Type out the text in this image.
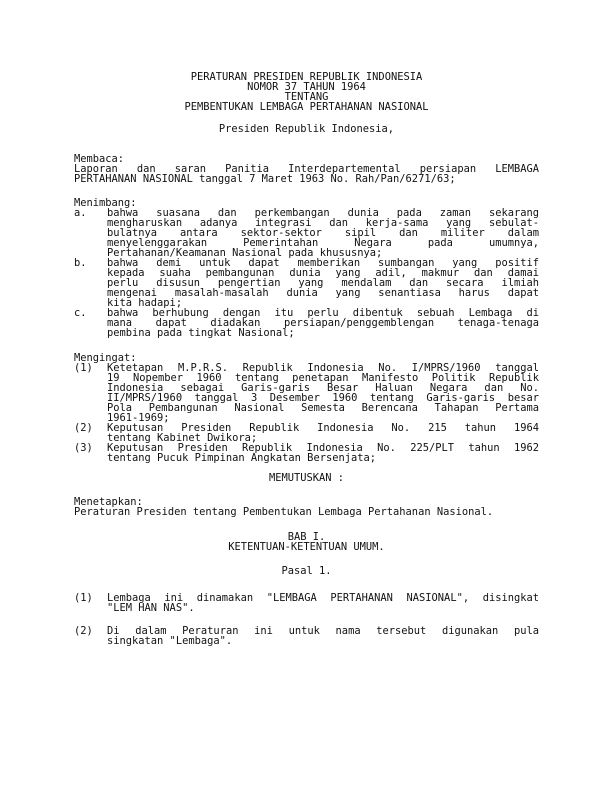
PERATURAN PRESIDEN REPUBLIK INDONESIA
NOMOR 37 TAHUN 1964
TENTANG
PEMBENTUKAN LEMBAGA PERTAHANAN NASIONAL
Presiden Republik Indonesia,
Membaca:
Laporan dan saran Panitia Interdepartemental persiapan LEMBAGA
PERTAHANAN NASIONAL tanggal 7 Maret 1963 No. Rah/Pan/6271/63;
Menimbang:
a. bahwa suasana dan perkembangan dunia pada zaman sekarang
mengharuskan adanya integrasi dan kerja-sama yang sebulat-
bulatnya antara sektor-sektor sipil dan militer dalam
menyelenggarakan Pemerintahan Negara pada umumnya,
Pertahanan/Keamanan Nasional pada khususnya;
b. bahwa demi untuk dapat memberikan sumbangan yang positif
kepada suaha pembangunan dunia yang adil, makmur dan damai
perlu disusun pengertian yang mendalam dan secara ilmiah
mengenai masalah-masalah dunia yang senantiasa harus dapat
kita hadapi;
c. bahwa berhubung dengan itu perlu dibentuk sebuah Lembaga di
mana dapat diadakan persiapan/penggemblengan tenaga-tenaga
pembina pada tingkat Nasional;
Mengingat:
(1) Ketetapan M.P.R.S. Republik Indonesia No. I/MPRS/1960 tanggal
19 Nopember 1960 tentang penetapan Manifesto Politik Republik
Indonesia sebagai Garis-garis Besar Haluan Negara dan No.
II/MPRS/1960 tanggal 3 Desember 1960 tentang Garis-garis besar
Pola Pembangunan Nasional Semesta Berencana Tahapan Pertama
1961-1969;
(2) Keputusan Presiden Republik Indonesia No. 215 tahun 1964
tentang Kabinet Dwikora;
(3) Keputusan Presiden Republik Indonesia No. 225/PLT tahun 1962
tentang Pucuk Pimpinan Angkatan Bersenjata;
MEMUTUSKAN :
Menetapkan:
Peraturan Presiden tentang Pembentukan Lembaga Pertahanan Nasional.
BAB I.
KETENTUAN-KETENTUAN UMUM.
Pasal 1.
(1) Lembaga ini dinamakan "LEMBAGA PERTAHANAN NASIONAL", disingkat
"LEM HAN NAS".
(2) Di dalam Peraturan ini untuk nama tersebut digunakan pula
singkatan "Lembaga".
